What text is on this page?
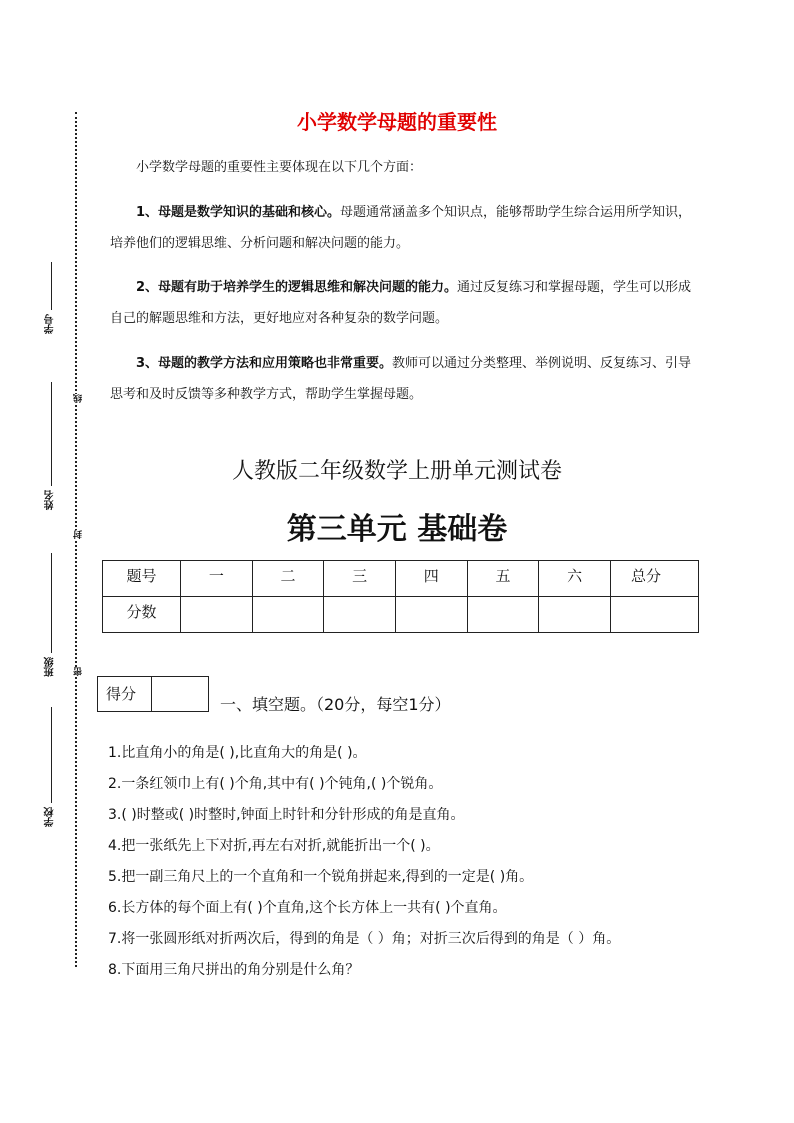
学号
姓名
班级
学校
线
封
密
小学数学母题的重要性
小学数学母题的重要性主要体现在以下几个方面：
1、母题是数学知识的基础和核心。母题通常涵盖多个知识点，能够帮助学生综合运用所学知识，培养他们的逻辑思维、分析问题和解决问题的能力。
2、母题有助于培养学生的逻辑思维和解决问题的能力。通过反复练习和掌握母题，学生可以形成自己的解题思维和方法，更好地应对各种复杂的数学问题。
3、母题的教学方法和应用策略也非常重要。教师可以通过分类整理、举例说明、反复练习、引导思考和及时反馈等多种教学方式，帮助学生掌握母题。
人教版二年级数学上册单元测试卷
第三单元 基础卷
题号	一	二	三	四	五	六	总分
分数							
得分
一、填空题。（20分，每空1分）
1.比直角小的角是( ),比直角大的角是( )。
2.一条红领巾上有( )个角,其中有( )个钝角,( )个锐角。
3.( )时整或( )时整时,钟面上时针和分针形成的角是直角。
4.把一张纸先上下对折,再左右对折,就能折出一个( )。
5.把一副三角尺上的一个直角和一个锐角拼起来,得到的一定是( )角。
6.长方体的每个面上有( )个直角,这个长方体上一共有( )个直角。
7.将一张圆形纸对折两次后，得到的角是（ ）角；对折三次后得到的角是（ ）角。
8.下面用三角尺拼出的角分别是什么角？
